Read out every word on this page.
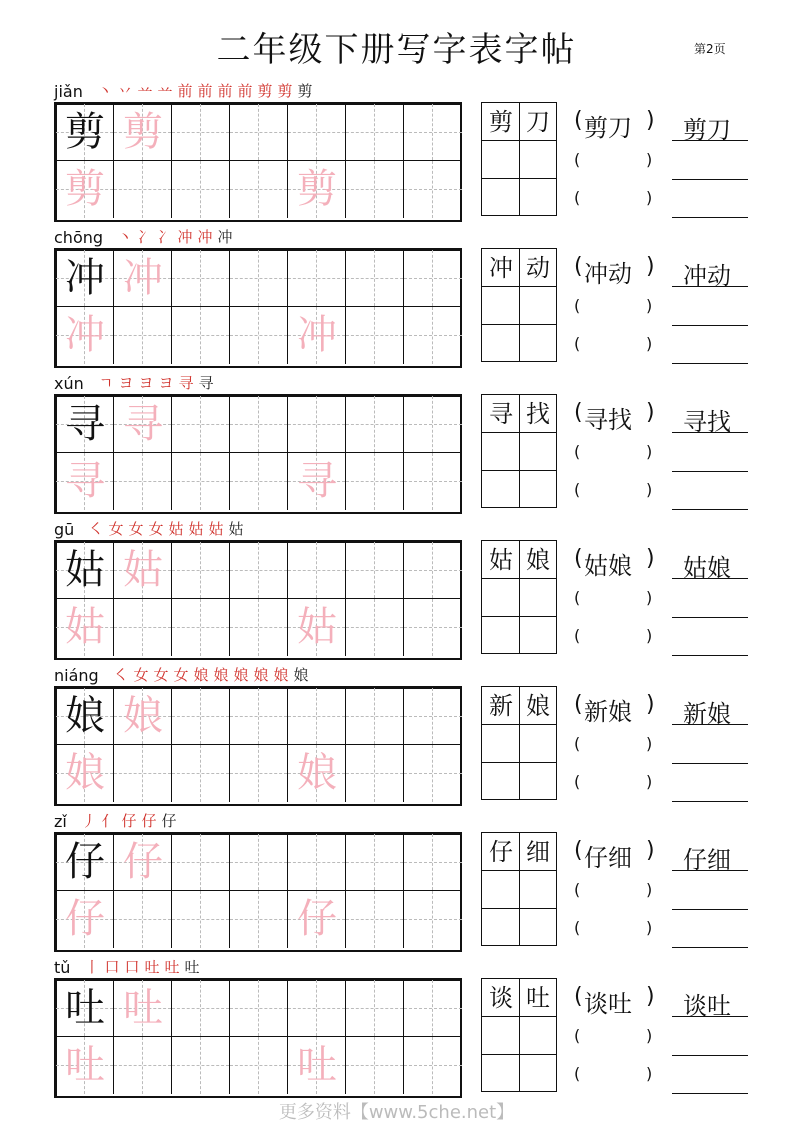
二年级下册写字表字帖	第2页
jiǎn 丶 丷 䒑 䒑 前 前 前 前 剪 剪 剪
剪 剪
剪	剪
剪 刀	(	)
(	)
(	)
剪刀 剪刀
chōng 丶 冫 冫 冲 冲 冲
冲 冲
冲	冲
冲 动	(	)
(	)
(	)
冲动 冲动
xún ㄱ ヨ ヨ ヨ 寻 寻
寻 寻
寻	寻
寻 找	(	)
(	)
(	)
寻找 寻找
gū ㇛ 女 女 女 姑 姑 姑 姑
姑 姑
姑	姑
姑 娘	(	)
(	)
(	)
姑娘 姑娘
niáng ㇛ 女 女 女 娘 娘 娘 娘 娘 娘
娘 娘
娘	娘
新 娘	(	)
(	)
(	)
新娘 新娘
zǐ 丿 亻 仔 仔 仔
仔 仔
仔	仔
仔 细	(	)
(	)
(	)
仔细 仔细
tǔ 丨 口 口 吐 吐 吐
吐 吐
吐	吐
谈 吐	(	)
(	)
(	)
谈吐 谈吐
更多资料【www.5che.net】
